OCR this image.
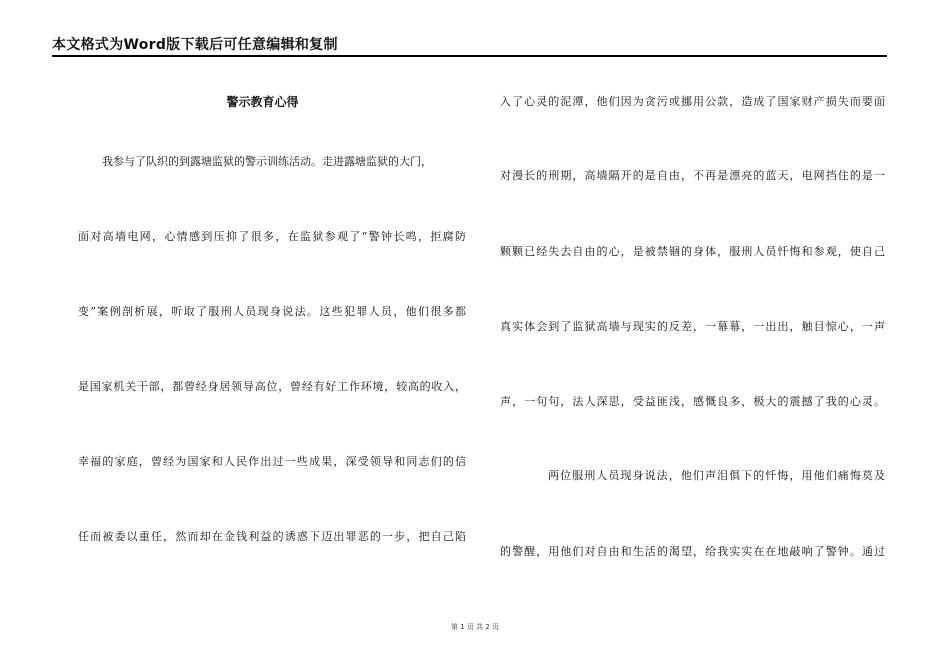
本文格式为Word版下载后可任意编辑和复制
警示教育心得
我参与了队织的到露塘监狱的警示训练活动。走进露塘监狱的大门，
面对高墙电网，心情感到压抑了很多，在监狱参观了“警钟长鸣，拒腐防
变”案例剖析展，听取了服刑人员现身说法。这些犯罪人员，他们很多都
是国家机关干部，都曾经身居领导高位，曾经有好工作环境，较高的收入，
幸福的家庭，曾经为国家和人民作出过一些成果，深受领导和同志们的信
任而被委以重任，然而却在金钱利益的诱惑下迈出罪恶的一步，把自己陷
入了心灵的泥潭，他们因为贪污或挪用公款，造成了国家财产损失而要面
对漫长的刑期，高墙隔开的是自由，不再是漂亮的蓝天，电网挡住的是一
颗颗已经失去自由的心，是被禁锢的身体，服刑人员忏悔和参观，使自己
真实体会到了监狱高墙与现实的反差，一幕幕，一出出，触目惊心，一声
声，一句句，法人深思，受益匪浅，感慨良多，极大的震撼了我的心灵。
两位服刑人员现身说法，他们声泪俱下的忏悔，用他们痛悔莫及
的警醒，用他们对自由和生活的渴望，给我实实在在地敲响了警钟。通过
第 1 页 共 2 页
